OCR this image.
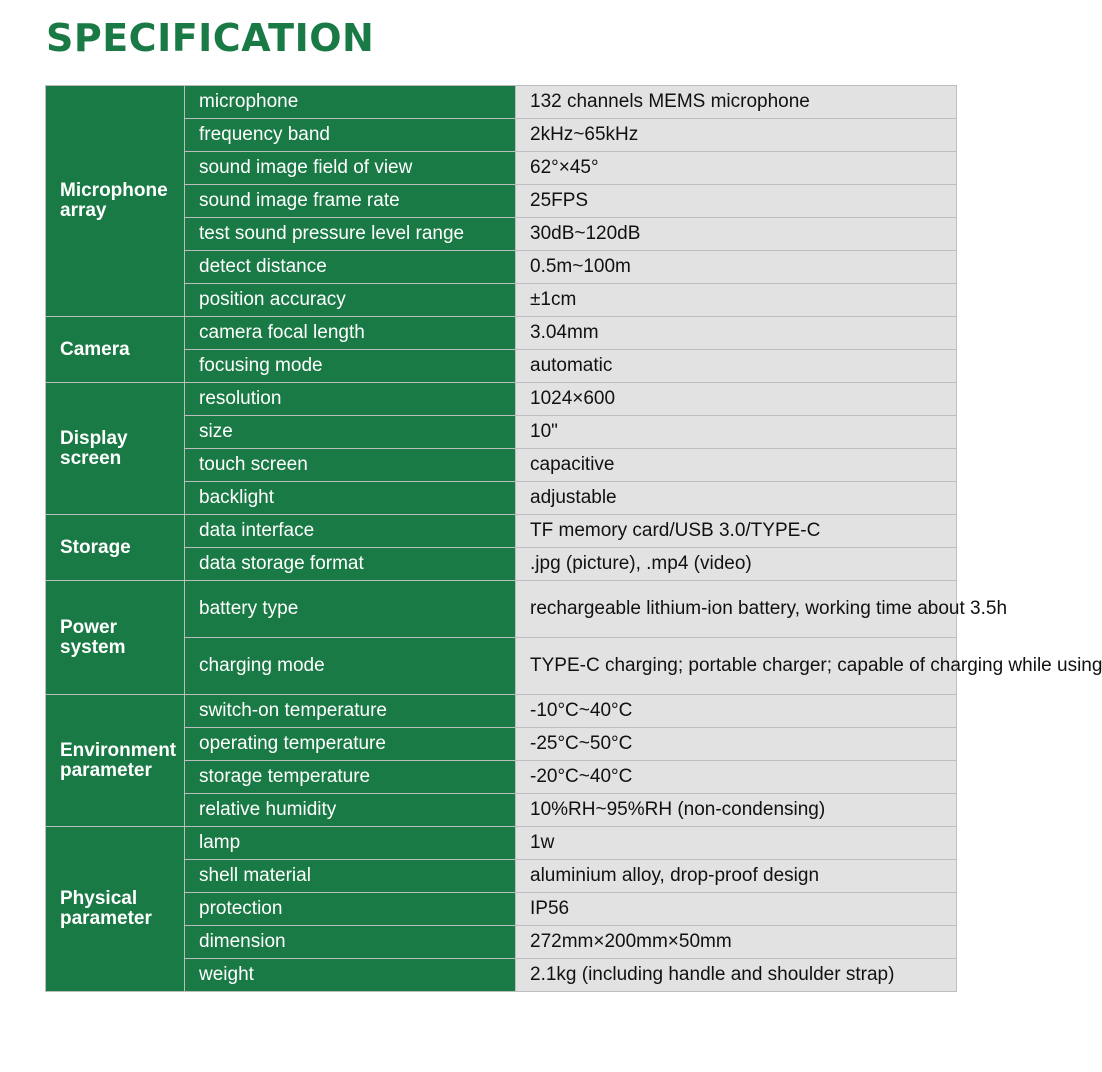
SPECIFICATION
Microphone
array	microphone	132 channels MEMS microphone
	frequency band	2kHz~65kHz
	sound image field of view	62°×45°
	sound image frame rate	25FPS
	test sound pressure level range	30dB~120dB
	detect distance	0.5m~100m
	position accuracy	±1cm

Camera	camera focal length	3.04mm
	focusing mode	automatic

Display
screen	resolution	1024×600
	size	10"
	touch screen	capacitive
	backlight	adjustable

Storage	data interface	TF memory card/USB 3.0/TYPE-C
	data storage format	.jpg (picture), .mp4 (video)

Power
system	battery type	rechargeable lithium-ion battery, working time about 3.5h
	charging mode	TYPE-C charging; portable charger; capable of charging while using

Environment
parameter	switch-on temperature	-10°C~40°C
	operating temperature	-25°C~50°C
	storage temperature	-20°C~40°C
	relative humidity	10%RH~95%RH (non-condensing)

Physical
parameter	lamp	1w
	shell material	aluminium alloy, drop-proof design
	protection	IP56
	dimension	272mm×200mm×50mm
	weight	2.1kg (including handle and shoulder strap)
